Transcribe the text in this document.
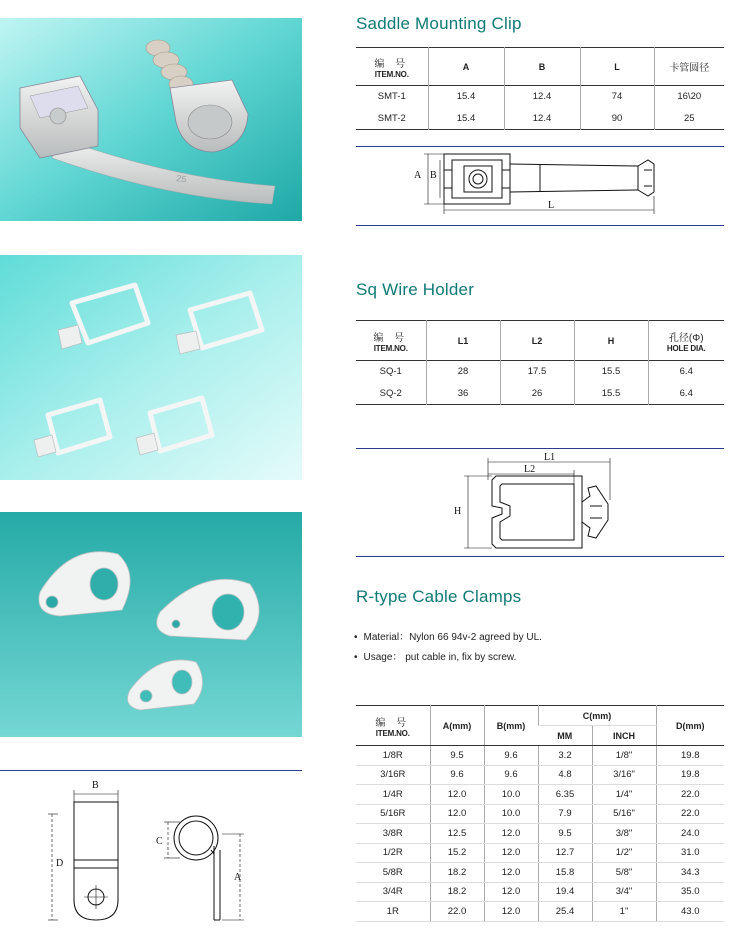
25
B
D
C
A
Saddle Mounting Clip
编 号
ITEM.NO.	A	B	L	卡管圆径

SMT-1	15.4	12.4	74	16\20
SMT-2	15.4	12.4	90	25
A B
L
Sq Wire Holder
编 号
ITEM.NO.	L1	L2	H	孔径(Φ)
HOLE DIA.

SQ-1	28	17.5	15.5	6.4
SQ-2	36	26	15.5	6.4
L1
L2
H
R-type Cable Clamps
• Material：Nylon 66 94v-2 agreed by UL.
• Usage： put cable in, fix by screw.
编 号
ITEM.NO.	A(mm)	B(mm)	C(mm)		D(mm)
			MM	INCH	
1/8R	9.5	9.6	3.2	1/8"	19.8
3/16R	9.6	9.6	4.8	3/16"	19.8
1/4R	12.0	10.0	6.35	1/4"	22.0
5/16R	12.0	10.0	7.9	5/16"	22.0
3/8R	12.5	12.0	9.5	3/8"	24.0
1/2R	15.2	12.0	12.7	1/2"	31.0
5/8R	18.2	12.0	15.8	5/8"	34.3
3/4R	18.2	12.0	19.4	3/4"	35.0
1R	22.0	12.0	25.4	1"	43.0
